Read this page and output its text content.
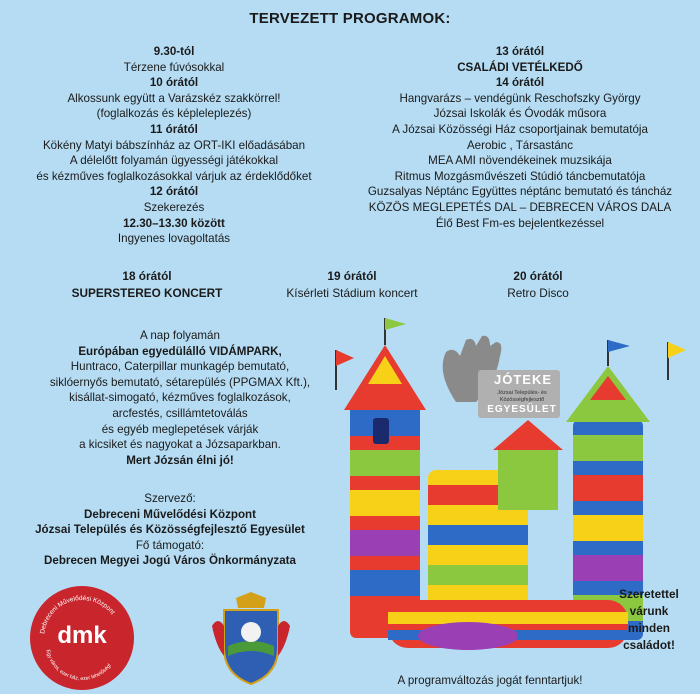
TERVEZETT PROGRAMOK:
9.30-tól
Térzene fúvósokkal
10 órától
Alkossunk együtt a Varázskéz szakkörrel!
(foglalkozás és képleleplezés)
11 órától
Kökény Matyi bábszínház az ORT-IKI előadásában
A délelőtt folyamán ügyességi játékokkal
és kézműves foglalkozásokkal várjuk az érdeklődőket
12 órától
Szekerezés
12.30–13.30 között
Ingyenes lovagoltatás
13 órától
CSALÁDI VETÉLKEDŐ
14 órától
Hangvarázs – vendégünk Reschofszky György
Józsai Iskolák és Óvodák műsora
A Józsai Közösségi Ház csoportjainak bemutatója
Aerobic , Társastánc
MEA AMI növendékeinek muzsikája
Ritmus Mozgásművészeti Stúdió táncbemutatója
Guzsalyas Néptánc Együttes néptánc bemutató és táncház
KÖZÖS MEGLEPETÉS DAL – DEBRECEN VÁROS DALA
Élő Best Fm-es bejelentkezéssel
18 órától
SUPERSTEREO KONCERT
19 órától
Kísérleti Stádium koncert
20 órától
Retro Disco
A nap folyamán
Európában egyedülálló VIDÁMPARK,
Huntraco, Caterpillar munkagép bemutató,
siklóernyős bemutató, sétarepülés (PPGMAX Kft.),
kisállat-simogató, kézműves foglalkozások,
arcfestés, csillámtetoválás
és egyéb meglepetések várják
a kicsiket és nagyokat a Józsaparkban.
Mert Józsán élni jó!
Szervező:
Debreceni Művelődési Központ
Józsai Település és Közösségfejlesztő Egyesület
Fő támogató:
Debrecen Megyei Jogú Város Önkormányzata
JÓTEKE
Józsai Település- és Közösségfejlesztő
EGYESÜLET
Debreceni Művelődési Központ
Egy város, ezer ház, ezer lehetőség!
dmk
Szeretettel
várunk
minden
családot!
A programváltozás jogát fenntartjuk!
